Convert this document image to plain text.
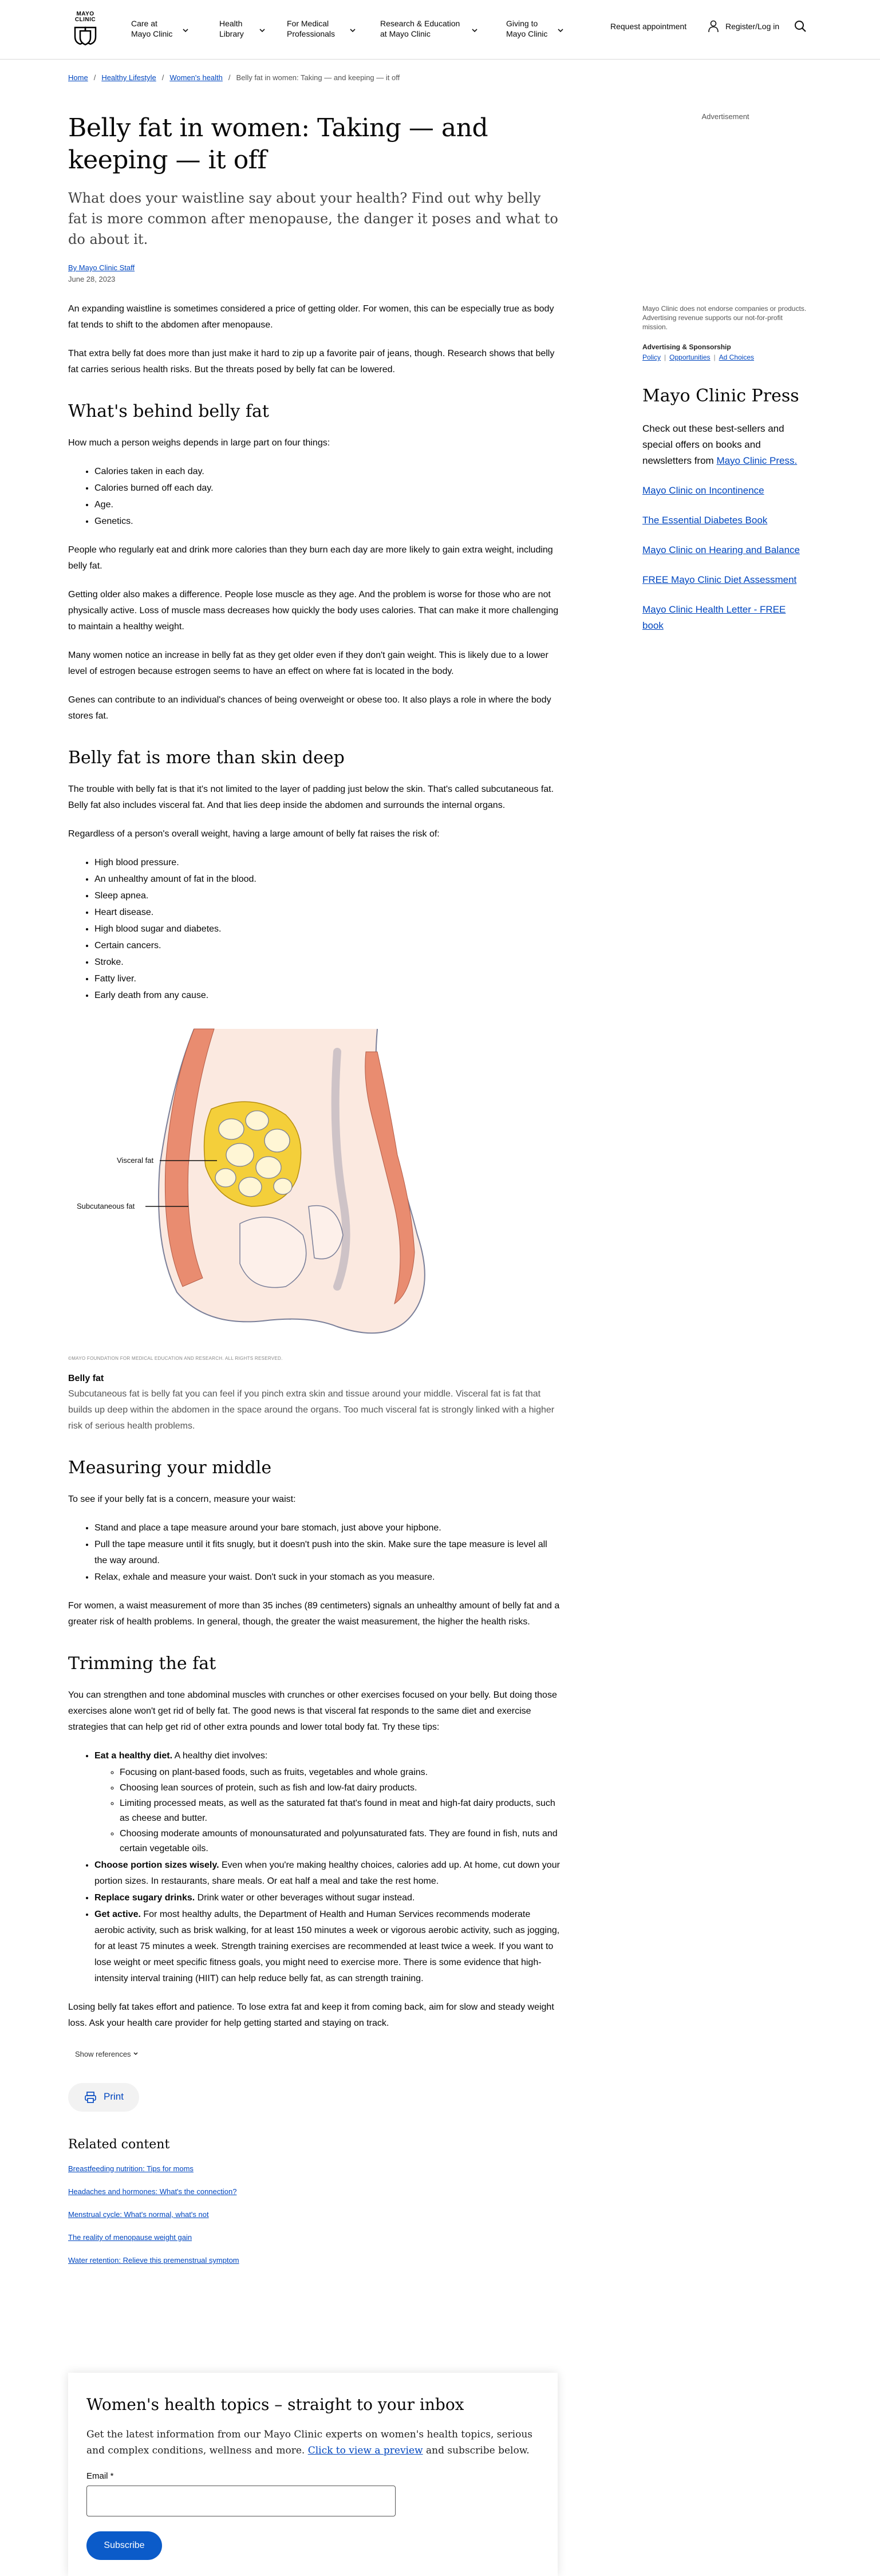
MAYO CLINIC	Care at Mayo Clinic
Health Library
For Medical Professionals
Research & Education at Mayo Clinic
Giving to Mayo Clinic
Request appointment	Register/Log in
Home / Healthy Lifestyle / Women's health / Belly fat in women: Taking — and keeping — it off
Belly fat in women: Taking — and keeping — it off
What does your waistline say about your health? Find out why belly fat is more common after menopause, the danger it poses and what to do about it.
By Mayo Clinic Staff
June 28, 2023

An expanding waistline is sometimes considered a price of getting older. For women, this can be especially true as body fat tends to shift to the abdomen after menopause.

That extra belly fat does more than just make it hard to zip up a favorite pair of jeans, though. Research shows that belly fat carries serious health risks. But the threats posed by belly fat can be lowered.

What's behind belly fat

How much a person weighs depends in large part on four things:

• Calories taken in each day.
• Calories burned off each day.
• Age.
• Genetics.

People who regularly eat and drink more calories than they burn each day are more likely to gain extra weight, including belly fat.

Getting older also makes a difference. People lose muscle as they age. And the problem is worse for those who are not physically active. Loss of muscle mass decreases how quickly the body uses calories. That can make it more challenging to maintain a healthy weight.

Many women notice an increase in belly fat as they get older even if they don't gain weight. This is likely due to a lower level of estrogen because estrogen seems to have an effect on where fat is located in the body.

Genes can contribute to an individual's chances of being overweight or obese too. It also plays a role in where the body stores fat.

Belly fat is more than skin deep

The trouble with belly fat is that it's not limited to the layer of padding just below the skin. That's called subcutaneous fat. Belly fat also includes visceral fat. And that lies deep inside the abdomen and surrounds the internal organs.

Regardless of a person's overall weight, having a large amount of belly fat raises the risk of:

• High blood pressure.
• An unhealthy amount of fat in the blood.
• Sleep apnea.
• Heart disease.
• High blood sugar and diabetes.
• Certain cancers.
• Stroke.
• Fatty liver.
• Early death from any cause.
Visceral fat
Subcutaneous fat
©MAYO FOUNDATION FOR MEDICAL EDUCATION AND RESEARCH. ALL RIGHTS RESERVED.
Belly fat
Subcutaneous fat is belly fat you can feel if you pinch extra skin and tissue around your middle. Visceral fat is fat that builds up deep within the abdomen in the space around the organs. Too much visceral fat is strongly linked with a higher risk of serious health problems.
Measuring your middle

To see if your belly fat is a concern, measure your waist:

• Stand and place a tape measure around your bare stomach, just above your hipbone.
• Pull the tape measure until it fits snugly, but it doesn't push into the skin. Make sure the tape measure is level all the way around.
• Relax, exhale and measure your waist. Don't suck in your stomach as you measure.

For women, a waist measurement of more than 35 inches (89 centimeters) signals an unhealthy amount of belly fat and a greater risk of health problems. In general, though, the greater the waist measurement, the higher the health risks.

Trimming the fat

You can strengthen and tone abdominal muscles with crunches or other exercises focused on your belly. But doing those exercises alone won't get rid of belly fat. The good news is that visceral fat responds to the same diet and exercise strategies that can help get rid of other extra pounds and lower total body fat. Try these tips:

• Eat a healthy diet. A healthy diet involves:
◦ Focusing on plant-based foods, such as fruits, vegetables and whole grains.
◦ Choosing lean sources of protein, such as fish and low-fat dairy products.
◦ Limiting processed meats, as well as the saturated fat that's found in meat and high-fat dairy products, such as cheese and butter.
◦ Choosing moderate amounts of monounsaturated and polyunsaturated fats. They are found in fish, nuts and certain vegetable oils.
• Choose portion sizes wisely. Even when you're making healthy choices, calories add up. At home, cut down your portion sizes. In restaurants, share meals. Or eat half a meal and take the rest home.
• Replace sugary drinks. Drink water or other beverages without sugar instead.
• Get active. For most healthy adults, the Department of Health and Human Services recommends moderate aerobic activity, such as brisk walking, for at least 150 minutes a week or vigorous aerobic activity, such as jogging, for at least 75 minutes a week. Strength training exercises are recommended at least twice a week. If you want to lose weight or meet specific fitness goals, you might need to exercise more. There is some evidence that high-intensity interval training (HIIT) can help reduce belly fat, as can strength training.

Losing belly fat takes effort and patience. To lose extra fat and keep it from coming back, aim for slow and steady weight loss. Ask your health care provider for help getting started and staying on track.

Show references
Print
Related content
Breastfeeding nutrition: Tips for moms
Headaches and hormones: What's the connection?
Menstrual cycle: What's normal, what's not
The reality of menopause weight gain
Water retention: Relieve this premenstrual symptom
Women's health topics – straight to your inbox

Get the latest information from our Mayo Clinic experts on women's health topics, serious and complex conditions, wellness and more. Click to view a preview and subscribe below.

Email *
Subscribe
Advertisement
Mayo Clinic does not endorse companies or products. Advertising revenue supports our not-for-profit mission.
Advertising & Sponsorship
Policy | Opportunities | Ad Choices
Mayo Clinic Press

Check out these best-sellers and special offers on books and newsletters from Mayo Clinic Press.

Mayo Clinic on Incontinence
The Essential Diabetes Book
Mayo Clinic on Hearing and Balance
FREE Mayo Clinic Diet Assessment
Mayo Clinic Health Letter - FREE book
